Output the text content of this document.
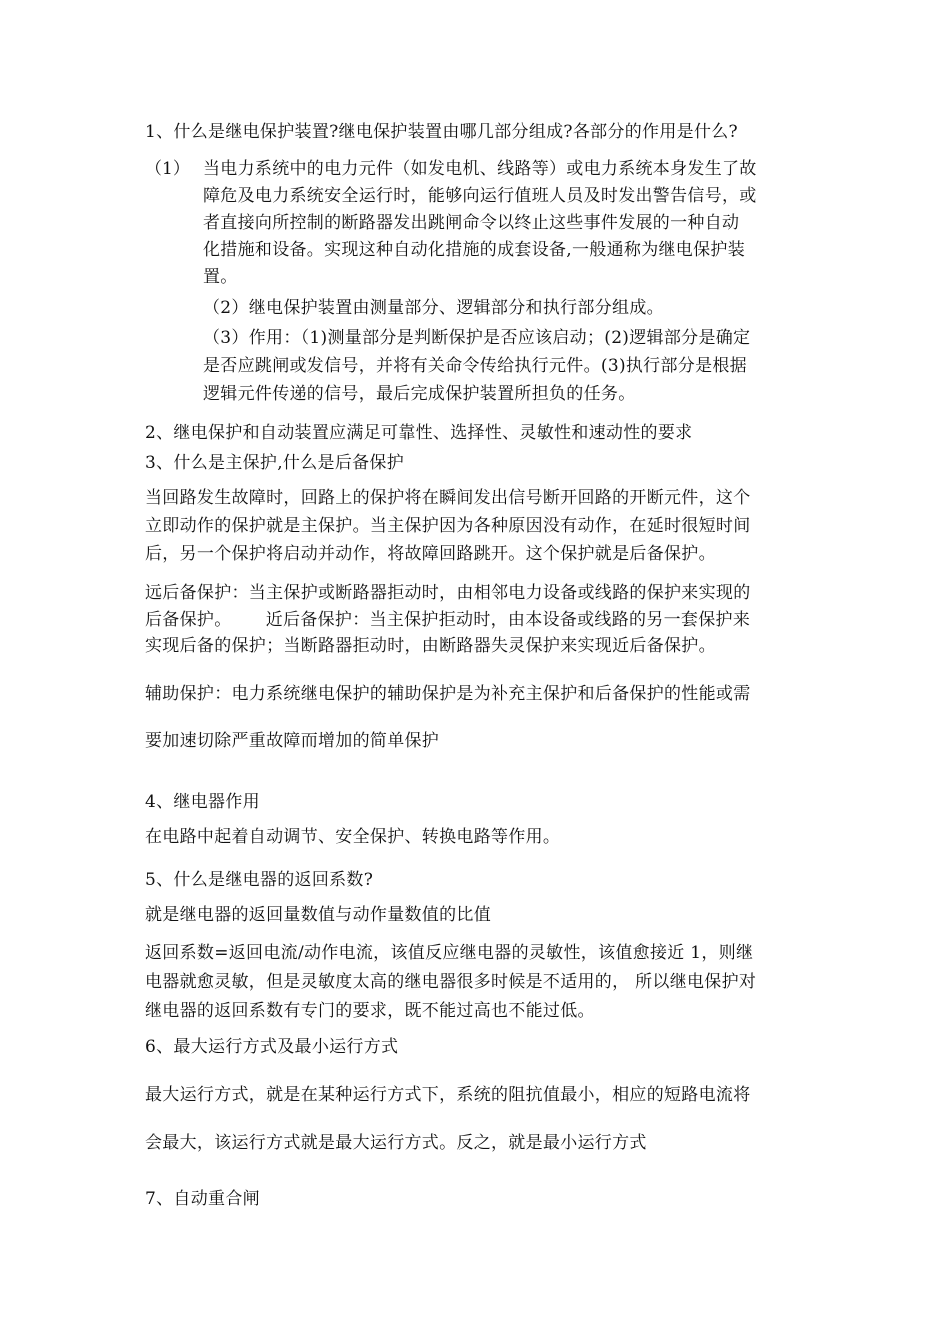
1、什么是继电保护装置?继电保护装置由哪几部分组成?各部分的作用是什么?
（1） 当电力系统中的电力元件（如发电机、线路等）或电力系统本身发生了故
障危及电力系统安全运行时，能够向运行值班人员及时发出警告信号，或
者直接向所控制的断路器发出跳闸命令以终止这些事件发展的一种自动
化措施和设备。实现这种自动化措施的成套设备,一般通称为继电保护装
置。
（2）继电保护装置由测量部分、逻辑部分和执行部分组成。
（3）作用：（1)测量部分是判断保护是否应该启动；(2)逻辑部分是确定
是否应跳闸或发信号，并将有关命令传给执行元件。(3)执行部分是根据
逻辑元件传递的信号，最后完成保护装置所担负的任务。
2、继电保护和自动装置应满足可靠性、选择性、灵敏性和速动性的要求
3、什么是主保护,什么是后备保护
当回路发生故障时，回路上的保护将在瞬间发出信号断开回路的开断元件，这个
立即动作的保护就是主保护。当主保护因为各种原因没有动作，在延时很短时间
后，另一个保护将启动并动作，将故障回路跳开。这个保护就是后备保护。
远后备保护：当主保护或断路器拒动时，由相邻电力设备或线路的保护来实现的
后备保护。      近后备保护：当主保护拒动时，由本设备或线路的另一套保护来
实现后备的保护；当断路器拒动时，由断路器失灵保护来实现近后备保护。
辅助保护：电力系统继电保护的辅助保护是为补充主保护和后备保护的性能或需
要加速切除严重故障而增加的简单保护
4、继电器作用
在电路中起着自动调节、安全保护、转换电路等作用。
5、什么是继电器的返回系数?
就是继电器的返回量数值与动作量数值的比值
返回系数=返回电流/动作电流，该值反应继电器的灵敏性，该值愈接近 1，则继
电器就愈灵敏，但是灵敏度太高的继电器很多时候是不适用的， 所以继电保护对
继电器的返回系数有专门的要求，既不能过高也不能过低。
6、最大运行方式及最小运行方式
最大运行方式，就是在某种运行方式下，系统的阻抗值最小，相应的短路电流将
会最大，该运行方式就是最大运行方式。反之，就是最小运行方式
7、自动重合闸
